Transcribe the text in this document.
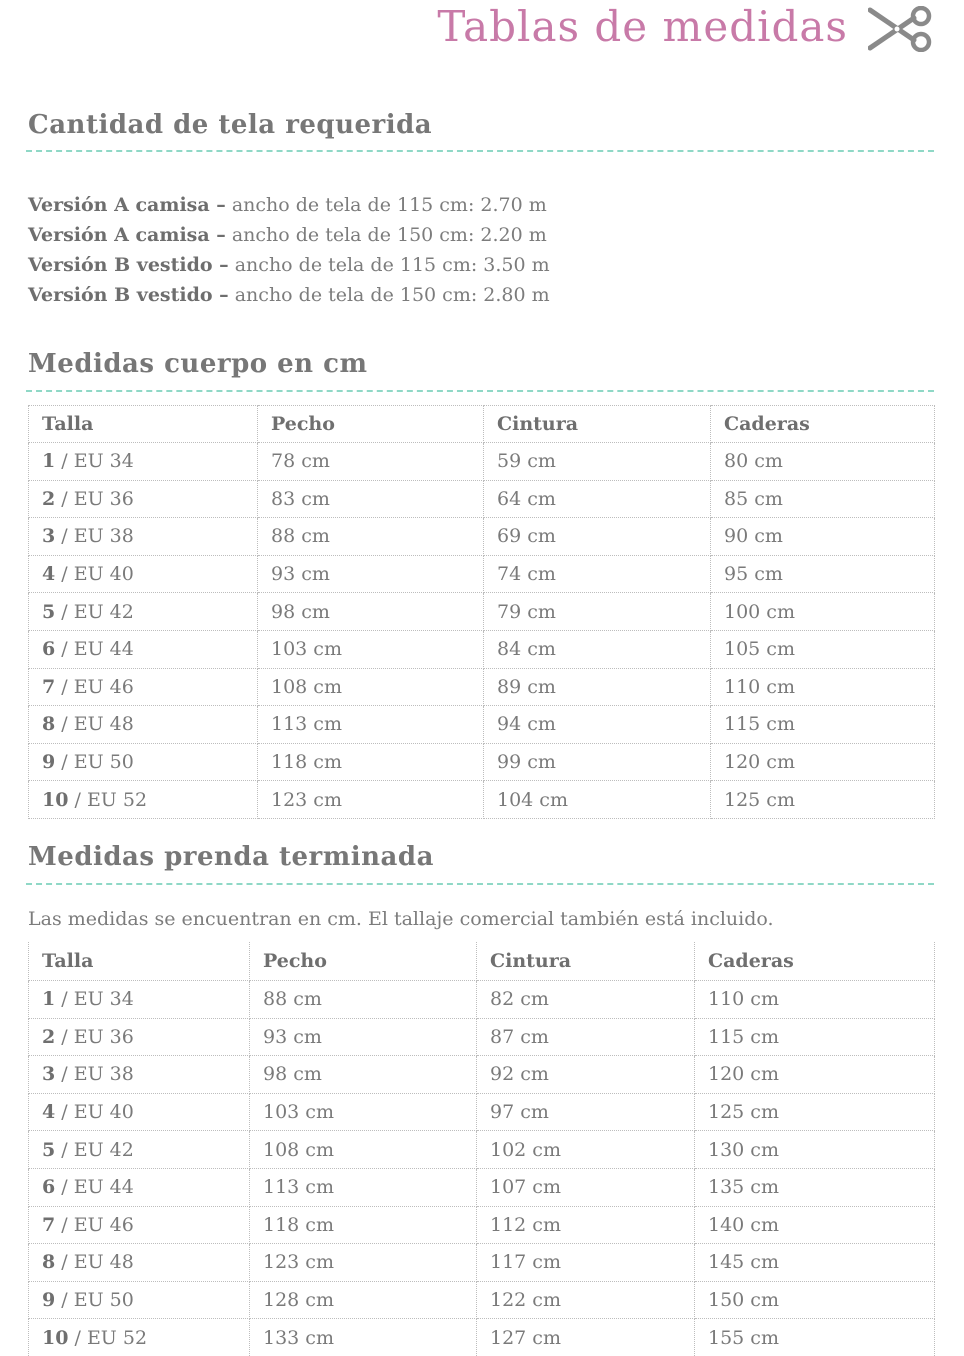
Tablas de medidas
Cantidad de tela requerida
Versión A camisa – ancho de tela de 115 cm: 2.70 m
Versión A camisa – ancho de tela de 150 cm: 2.20 m
Versión B vestido – ancho de tela de 115 cm: 3.50 m
Versión B vestido – ancho de tela de 150 cm: 2.80 m
Medidas cuerpo en cm
Talla	Pecho	Cintura	Caderas
1 / EU 34	78 cm	59 cm	80 cm
2 / EU 36	83 cm	64 cm	85 cm
3 / EU 38	88 cm	69 cm	90 cm
4 / EU 40	93 cm	74 cm	95 cm
5 / EU 42	98 cm	79 cm	100 cm
6 / EU 44	103 cm	84 cm	105 cm
7 / EU 46	108 cm	89 cm	110 cm
8 / EU 48	113 cm	94 cm	115 cm
9 / EU 50	118 cm	99 cm	120 cm
10 / EU 52	123 cm	104 cm	125 cm
Medidas prenda terminada

Las medidas se encuentran en cm. El tallaje comercial también está incluido.

Talla	Pecho	Cintura	Caderas
1 / EU 34	88 cm	82 cm	110 cm
2 / EU 36	93 cm	87 cm	115 cm
3 / EU 38	98 cm	92 cm	120 cm
4 / EU 40	103 cm	97 cm	125 cm
5 / EU 42	108 cm	102 cm	130 cm
6 / EU 44	113 cm	107 cm	135 cm
7 / EU 46	118 cm	112 cm	140 cm
8 / EU 48	123 cm	117 cm	145 cm
9 / EU 50	128 cm	122 cm	150 cm
10 / EU 52	133 cm	127 cm	155 cm
